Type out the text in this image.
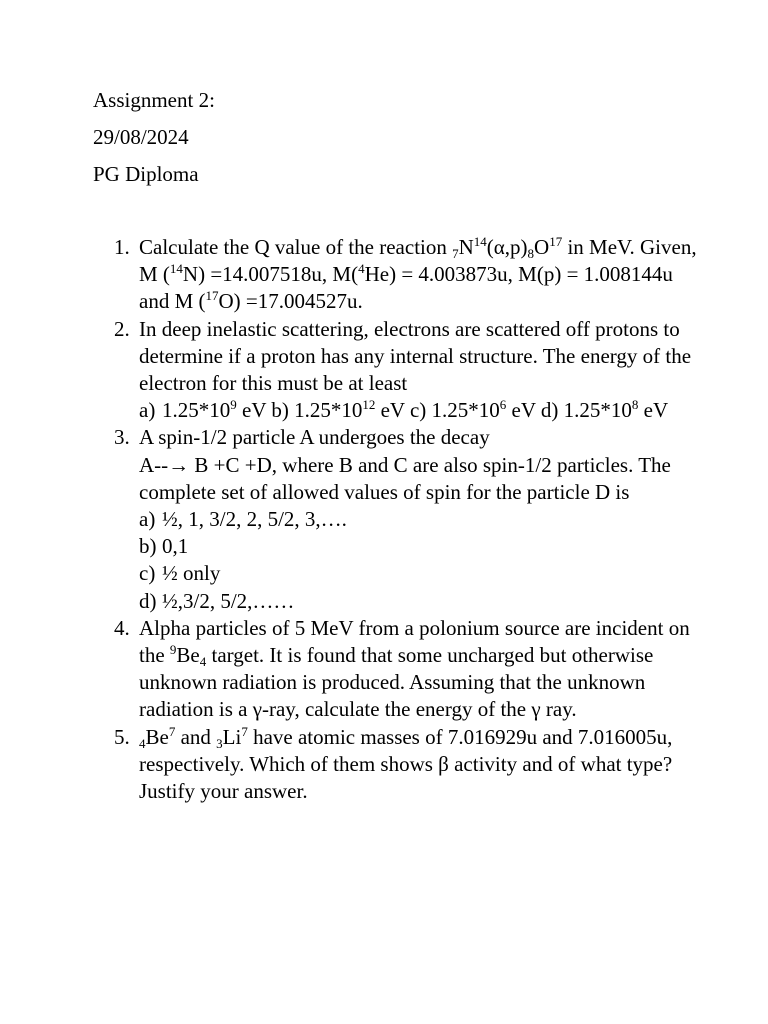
Assignment 2:
29/08/2024
PG Diploma
1. Calculate the Q value of the reaction $_7N^{14}(\alpha,p)_8O^{17}$ in MeV. Given, M ($^{14}$N) =14.007518u, M($^4$He) = 4.003873u, M(p) = 1.008144u and M ($^{17}$O) =17.004527u.
2. In deep inelastic scattering, electrons are scattered off protons to determine if a proton has any internal structure. The energy of the electron for this must be at least
a) $1.25*10^9$ eV b) $1.25*10^{12}$ eV c) $1.25*10^6$ eV d) $1.25*10^8$ eV
3. A spin-1/2 particle A undergoes the decay
A--→ B +C +D, where B and C are also spin-1/2 particles. The complete set of allowed values of spin for the particle D is
a) ½, 1, 3/2, 2, 5/2, 3,….
b) 0,1
c) ½ only
d) ½,3/2, 5/2,……
4. Alpha particles of 5 MeV from a polonium source are incident on the $^9Be_4$ target. It is found that some uncharged but otherwise unknown radiation is produced. Assuming that the unknown radiation is a γ-ray, calculate the energy of the γ ray.
5. $_4Be^7$ and $_3Li^7$ have atomic masses of 7.016929u and 7.016005u, respectively. Which of them shows β activity and of what type? Justify your answer.
